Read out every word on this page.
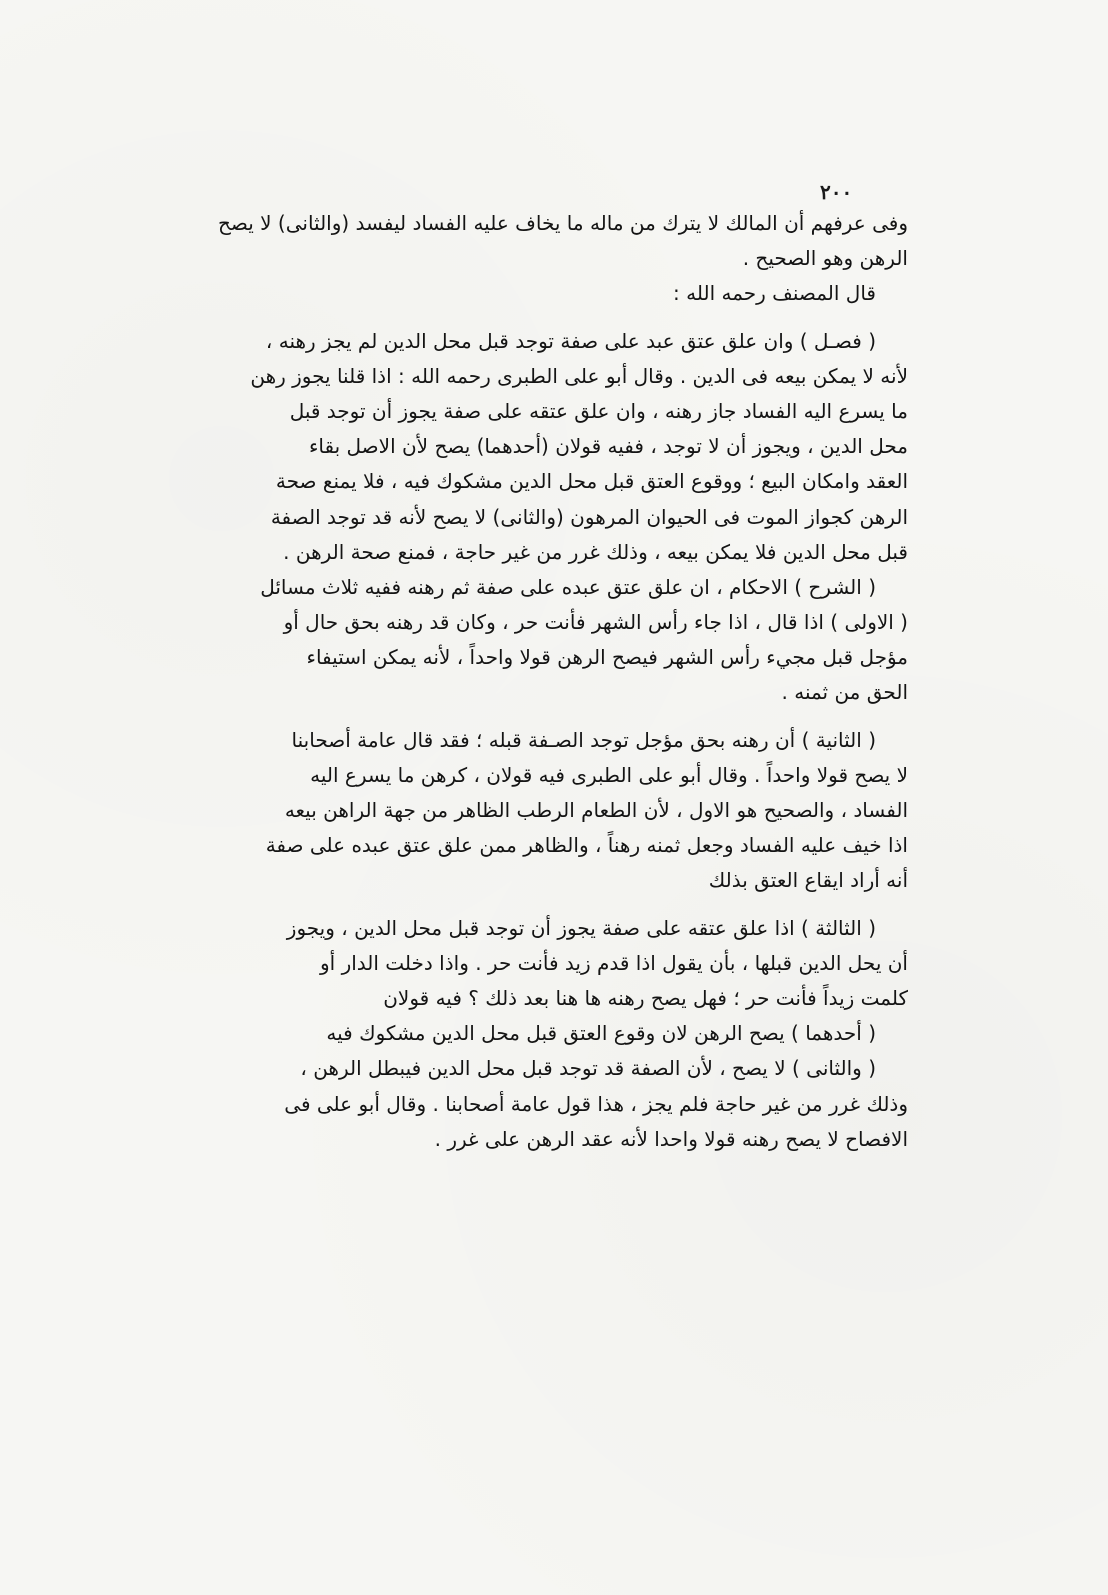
٢٠٠
وفى عرفهم أن المالك لا يترك من ماله ما يخاف عليه الفساد ليفسد (والثانى) لا يصح
الرهن وهو الصحيح .
قال المصنف رحمه الله :
( فصـل ) وان علق عتق عبد على صفة توجد قبل محل الدين لم يجز رهنه ،
لأنه لا يمكن بيعه فى الدين . وقال أبو على الطبرى رحمه الله : اذا قلنا يجوز رهن
ما يسرع اليه الفساد جاز رهنه ، وان علق عتقه على صفة يجوز أن توجد قبل
محل الدين ، ويجوز أن لا توجد ، ففيه قولان (أحدهما) يصح لأن الاصل بقاء
العقد وامكان البيع ؛ ووقوع العتق قبل محل الدين مشكوك فيه ، فلا يمنع صحة
الرهن كجواز الموت فى الحيوان المرهون (والثانى) لا يصح لأنه قد توجد الصفة
قبل محل الدين فلا يمكن بيعه ، وذلك غرر من غير حاجة ، فمنع صحة الرهن .
( الشرح ) الاحكام ، ان علق عتق عبده على صفة ثم رهنه ففيه ثلاث مسائل
( الاولى ) اذا قال ، اذا جاء رأس الشهر فأنت حر ، وكان قد رهنه بحق حال أو
مؤجل قبل مجيء رأس الشهر فيصح الرهن قولا واحداً ، لأنه يمكن استيفاء
الحق من ثمنه .
( الثانية ) أن رهنه بحق مؤجل توجد الصـفة قبله ؛ فقد قال عامة أصحابنا
لا يصح قولا واحداً . وقال أبو على الطبرى فيه قولان ، كرهن ما يسرع اليه
الفساد ، والصحيح هو الاول ، لأن الطعام الرطب الظاهر من جهة الراهن بيعه
اذا خيف عليه الفساد وجعل ثمنه رهناً ، والظاهر ممن علق عتق عبده على صفة
أنه أراد ايقاع العتق بذلك
( الثالثة ) اذا علق عتقه على صفة يجوز أن توجد قبل محل الدين ، ويجوز
أن يحل الدين قبلها ، بأن يقول اذا قدم زيد فأنت حر . واذا دخلت الدار أو
كلمت زيداً فأنت حر ؛ فهل يصح رهنه ها هنا بعد ذلك ؟ فيه قولان
( أحدهما ) يصح الرهن لان وقوع العتق قبل محل الدين مشكوك فيه
( والثانى ) لا يصح ، لأن الصفة قد توجد قبل محل الدين فيبطل الرهن ،
وذلك غرر من غير حاجة فلم يجز ، هذا قول عامة أصحابنا . وقال أبو على فى
الافصاح لا يصح رهنه قولا واحدا لأنه عقد الرهن على غرر .
